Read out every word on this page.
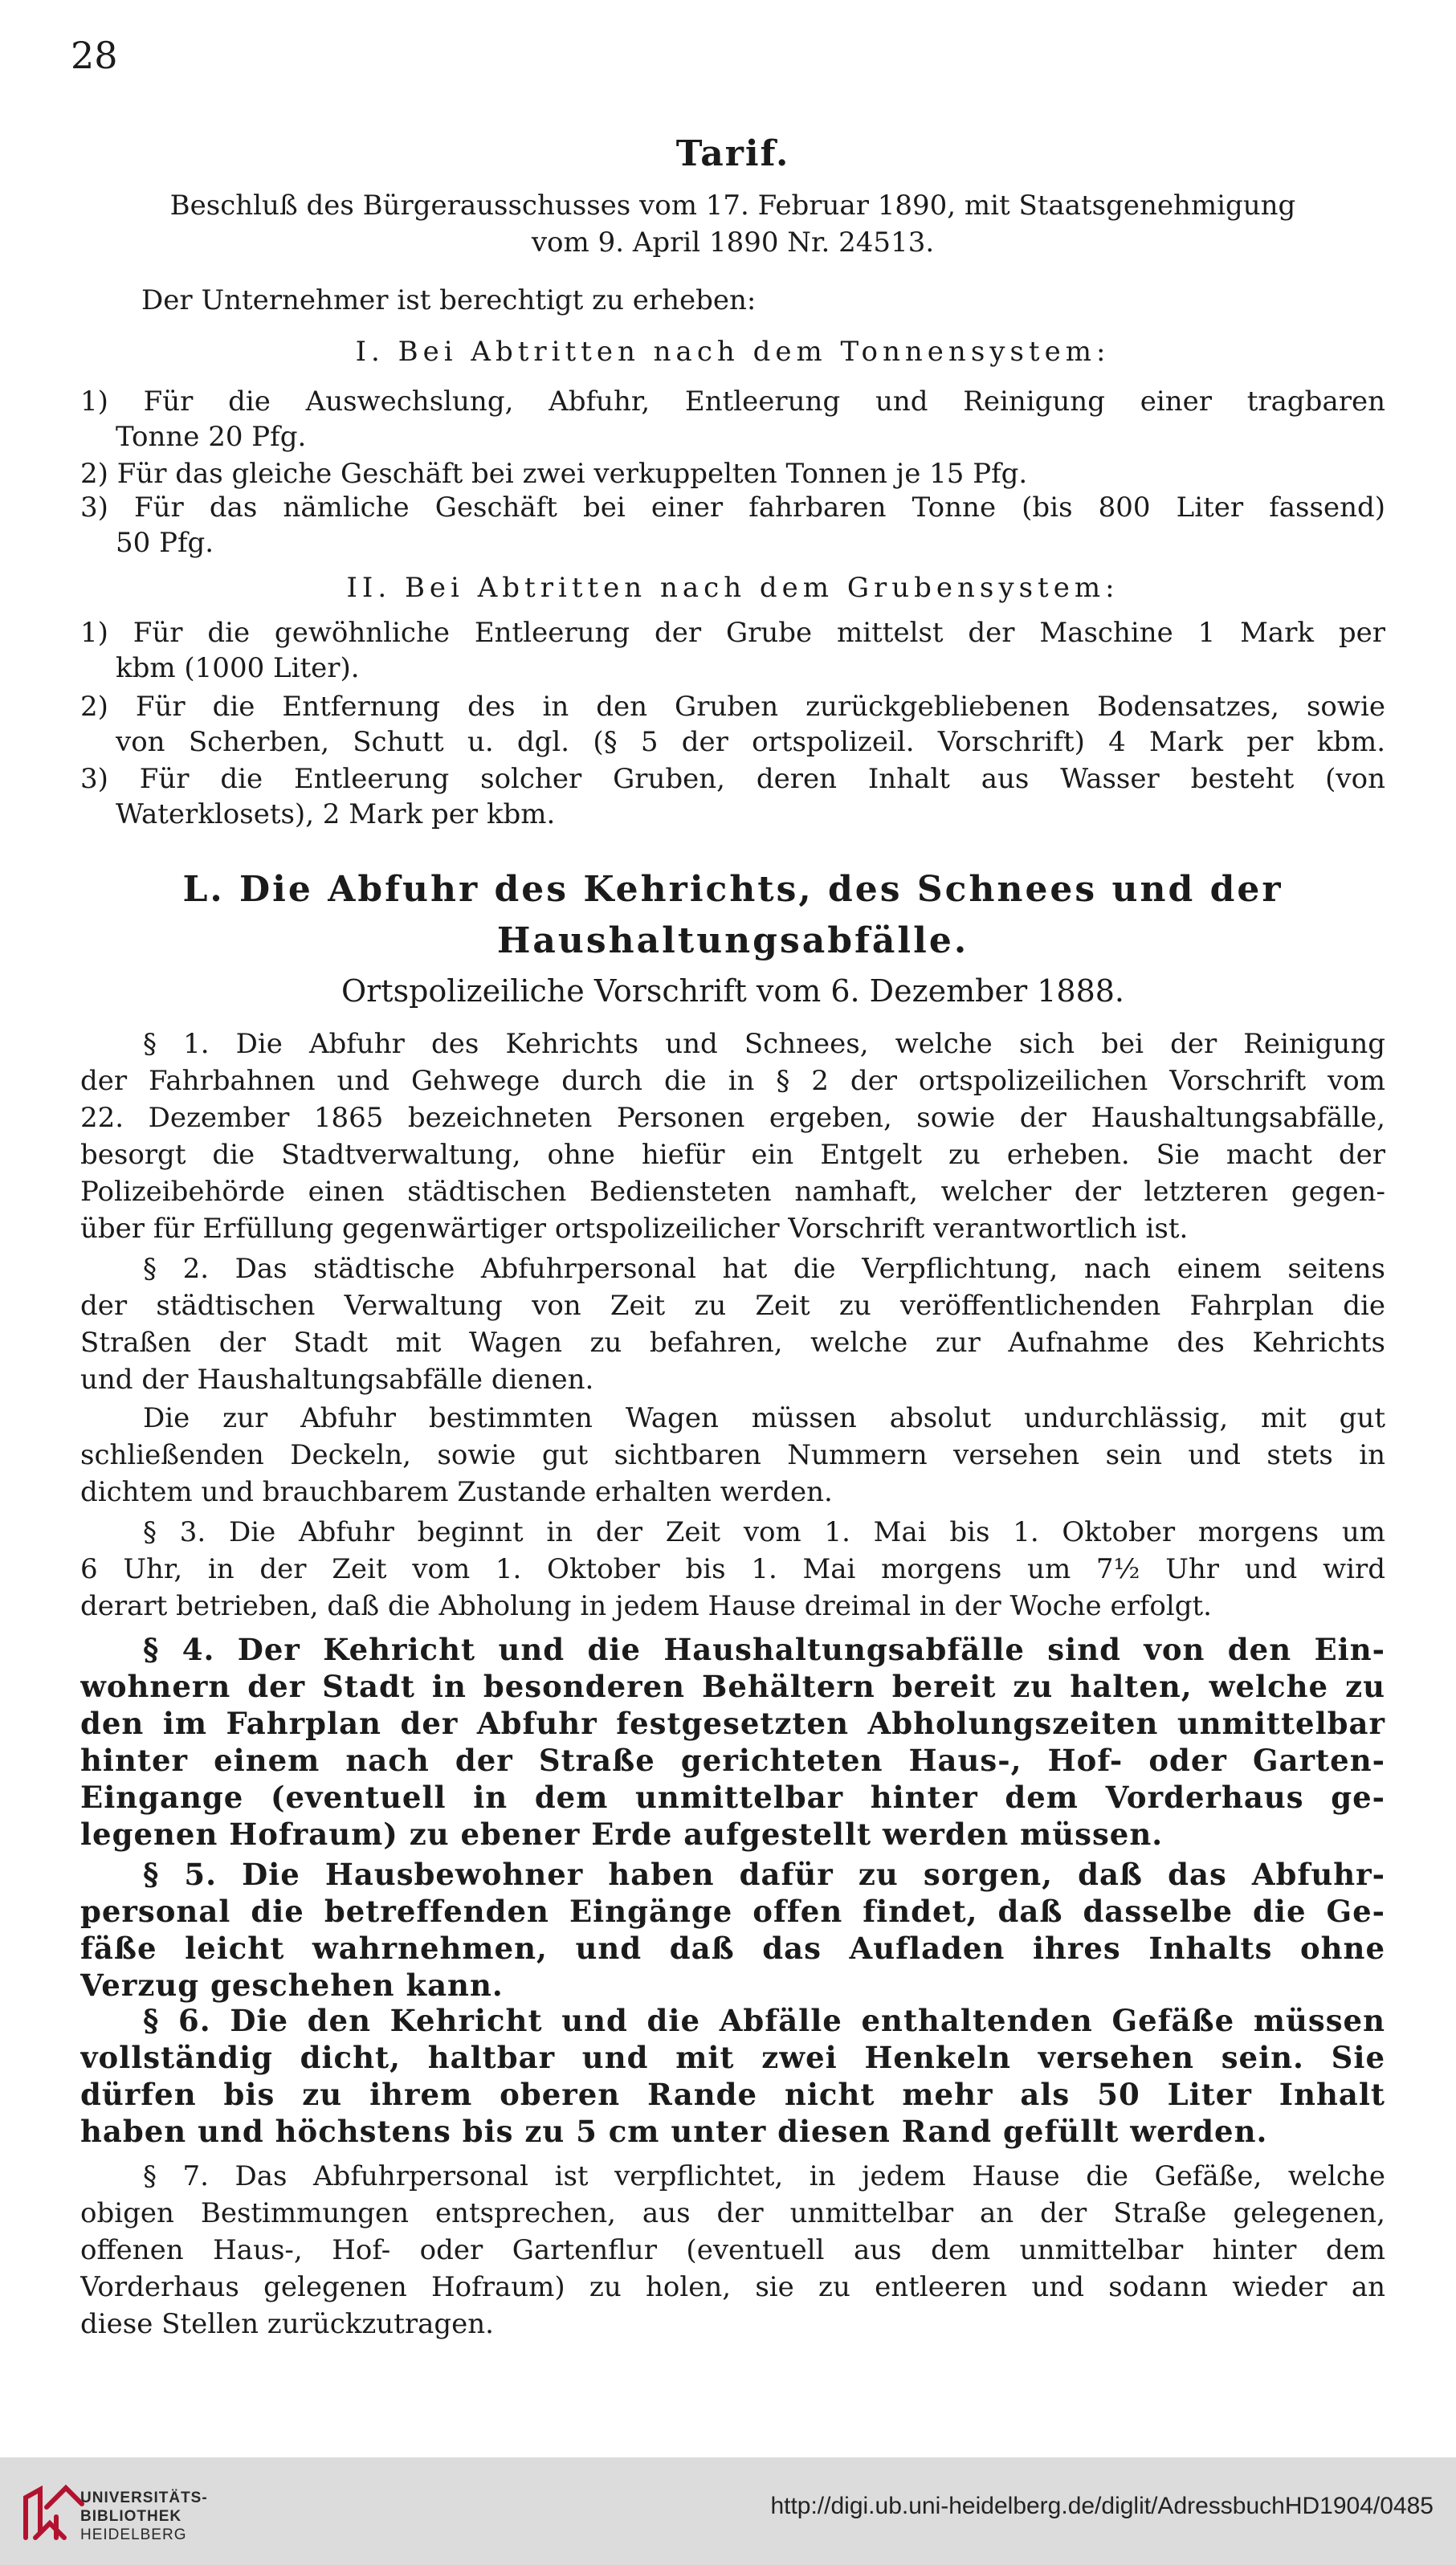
28
Tarif.
Beschluß des Bürgerausschusses vom 17. Februar 1890, mit Staatsgenehmigung
vom 9. April 1890 Nr. 24513.
Der Unternehmer ist berechtigt zu erheben:
I. Bei Abtritten nach dem Tonnensystem:
1) Für die Auswechslung, Abfuhr, Entleerung und Reinigung einer tragbaren
Tonne 20 Pfg.
2) Für das gleiche Geschäft bei zwei verkuppelten Tonnen je 15 Pfg.
3) Für das nämliche Geschäft bei einer fahrbaren Tonne (bis 800 Liter fassend)
50 Pfg.
II. Bei Abtritten nach dem Grubensystem:
1) Für die gewöhnliche Entleerung der Grube mittelst der Maschine 1 Mark per
kbm (1000 Liter).
2) Für die Entfernung des in den Gruben zurückgebliebenen Bodensatzes, sowie
von Scherben, Schutt u. dgl. (§ 5 der ortspolizeil. Vorschrift) 4 Mark per kbm.
3) Für die Entleerung solcher Gruben, deren Inhalt aus Wasser besteht (von
Waterklosets), 2 Mark per kbm.
L. Die Abfuhr des Kehrichts, des Schnees und der
Haushaltungsabfälle.
Ortspolizeiliche Vorschrift vom 6. Dezember 1888.
§ 1. Die Abfuhr des Kehrichts und Schnees, welche sich bei der Reinigung
der Fahrbahnen und Gehwege durch die in § 2 der ortspolizeilichen Vorschrift vom
22. Dezember 1865 bezeichneten Personen ergeben, sowie der Haushaltungsabfälle,
besorgt die Stadtverwaltung, ohne hiefür ein Entgelt zu erheben. Sie macht der
Polizeibehörde einen städtischen Bediensteten namhaft, welcher der letzteren gegen-
über für Erfüllung gegenwärtiger ortspolizeilicher Vorschrift verantwortlich ist.
§ 2. Das städtische Abfuhrpersonal hat die Verpflichtung, nach einem seitens
der städtischen Verwaltung von Zeit zu Zeit zu veröffentlichenden Fahrplan die
Straßen der Stadt mit Wagen zu befahren, welche zur Aufnahme des Kehrichts
und der Haushaltungsabfälle dienen.
Die zur Abfuhr bestimmten Wagen müssen absolut undurchlässig, mit gut
schließenden Deckeln, sowie gut sichtbaren Nummern versehen sein und stets in
dichtem und brauchbarem Zustande erhalten werden.
§ 3. Die Abfuhr beginnt in der Zeit vom 1. Mai bis 1. Oktober morgens um
6 Uhr, in der Zeit vom 1. Oktober bis 1. Mai morgens um 7½ Uhr und wird
derart betrieben, daß die Abholung in jedem Hause dreimal in der Woche erfolgt.
§ 4. Der Kehricht und die Haushaltungsabfälle sind von den Ein-
wohnern der Stadt in besonderen Behältern bereit zu halten, welche zu
den im Fahrplan der Abfuhr festgesetzten Abholungszeiten unmittelbar
hinter einem nach der Straße gerichteten Haus-, Hof- oder Garten-
Eingange (eventuell in dem unmittelbar hinter dem Vorderhaus ge-
legenen Hofraum) zu ebener Erde aufgestellt werden müssen.
§ 5. Die Hausbewohner haben dafür zu sorgen, daß das Abfuhr-
personal die betreffenden Eingänge offen findet, daß dasselbe die Ge-
fäße leicht wahrnehmen, und daß das Aufladen ihres Inhalts ohne
Verzug geschehen kann.
§ 6. Die den Kehricht und die Abfälle enthaltenden Gefäße müssen
vollständig dicht, haltbar und mit zwei Henkeln versehen sein. Sie
dürfen bis zu ihrem oberen Rande nicht mehr als 50 Liter Inhalt
haben und höchstens bis zu 5 cm unter diesen Rand gefüllt werden.
§ 7. Das Abfuhrpersonal ist verpflichtet, in jedem Hause die Gefäße, welche
obigen Bestimmungen entsprechen, aus der unmittelbar an der Straße gelegenen,
offenen Haus-, Hof- oder Gartenflur (eventuell aus dem unmittelbar hinter dem
Vorderhaus gelegenen Hofraum) zu holen, sie zu entleeren und sodann wieder an
diese Stellen zurückzutragen.
UNIVERSITÄTS-
BIBLIOTHEK
HEIDELBERG
http://digi.ub.uni-heidelberg.de/diglit/AdressbuchHD1904/0485
